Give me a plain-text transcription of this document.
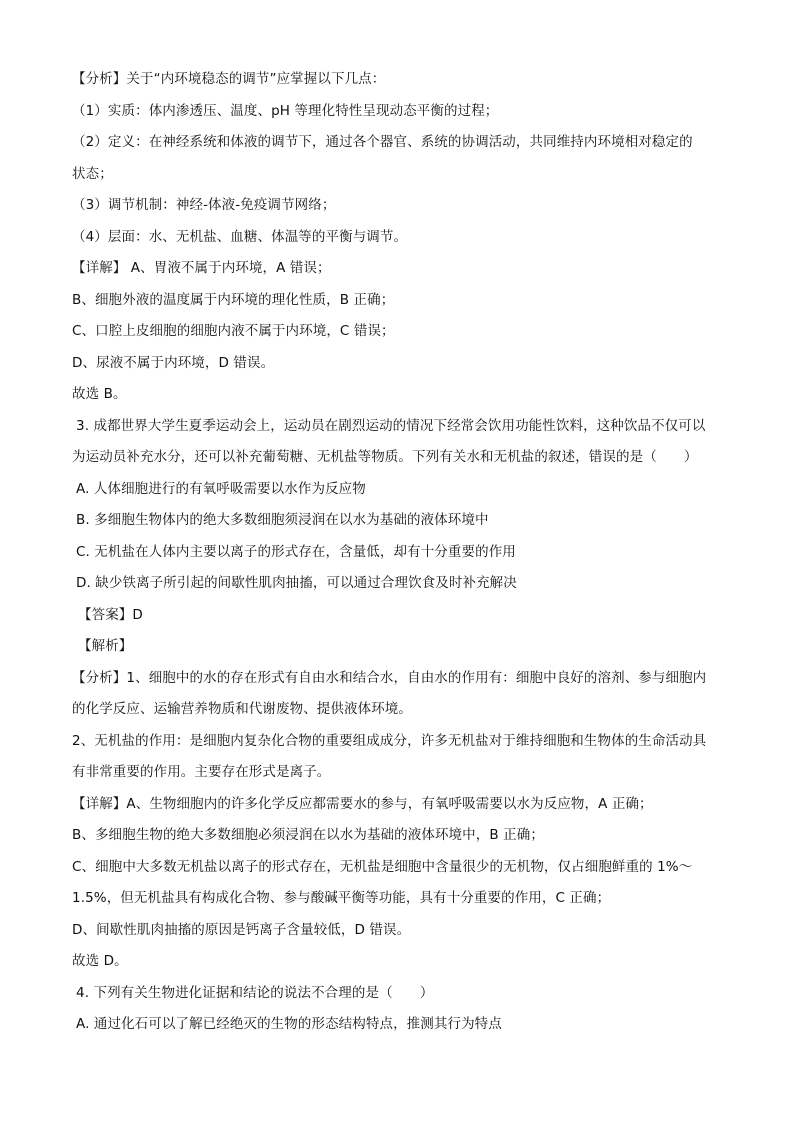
【分析】关于“内环境稳态的调节”应掌握以下几点：
（1）实质：体内渗透压、温度、pH 等理化特性呈现动态平衡的过程；
（2）定义：在神经系统和体液的调节下，通过各个器官、系统的协调活动，共同维持内环境相对稳定的
状态；
（3）调节机制：神经-体液-免疫调节网络；
（4）层面：水、无机盐、血糖、体温等的平衡与调节。
【详解】 A、胃液不属于内环境，A 错误；
B、细胞外液的温度属于内环境的理化性质，B 正确；
C、口腔上皮细胞的细胞内液不属于内环境，C 错误；
D、尿液不属于内环境，D 错误。
故选 B。
3. 成都世界大学生夏季运动会上，运动员在剧烈运动的情况下经常会饮用功能性饮料，这种饮品不仅可以
为运动员补充水分，还可以补充葡萄糖、无机盐等物质。下列有关水和无机盐的叙述，错误的是（　　）
A. 人体细胞进行的有氧呼吸需要以水作为反应物
B. 多细胞生物体内的绝大多数细胞须浸润在以水为基础的液体环境中
C. 无机盐在人体内主要以离子的形式存在，含量低，却有十分重要的作用
D. 缺少铁离子所引起的间歇性肌肉抽搐，可以通过合理饮食及时补充解决
【答案】D
【解析】
【分析】1、细胞中的水的存在形式有自由水和结合水，自由水的作用有：细胞中良好的溶剂、参与细胞内
的化学反应、运输营养物质和代谢废物、提供液体环境。
2、无机盐的作用：是细胞内复杂化合物的重要组成成分，许多无机盐对于维持细胞和生物体的生命活动具
有非常重要的作用。主要存在形式是离子。
【详解】A、生物细胞内的许多化学反应都需要水的参与，有氧呼吸需要以水为反应物，A 正确；
B、多细胞生物的绝大多数细胞必须浸润在以水为基础的液体环境中，B 正确；
C、细胞中大多数无机盐以离子的形式存在，无机盐是细胞中含量很少的无机物，仅占细胞鲜重的 1%～
1.5%，但无机盐具有构成化合物、参与酸碱平衡等功能，具有十分重要的作用，C 正确；
D、间歇性肌肉抽搐的原因是钙离子含量较低，D 错误。
故选 D。
4. 下列有关生物进化证据和结论的说法不合理的是（　　）
A. 通过化石可以了解已经绝灭的生物的形态结构特点，推测其行为特点
